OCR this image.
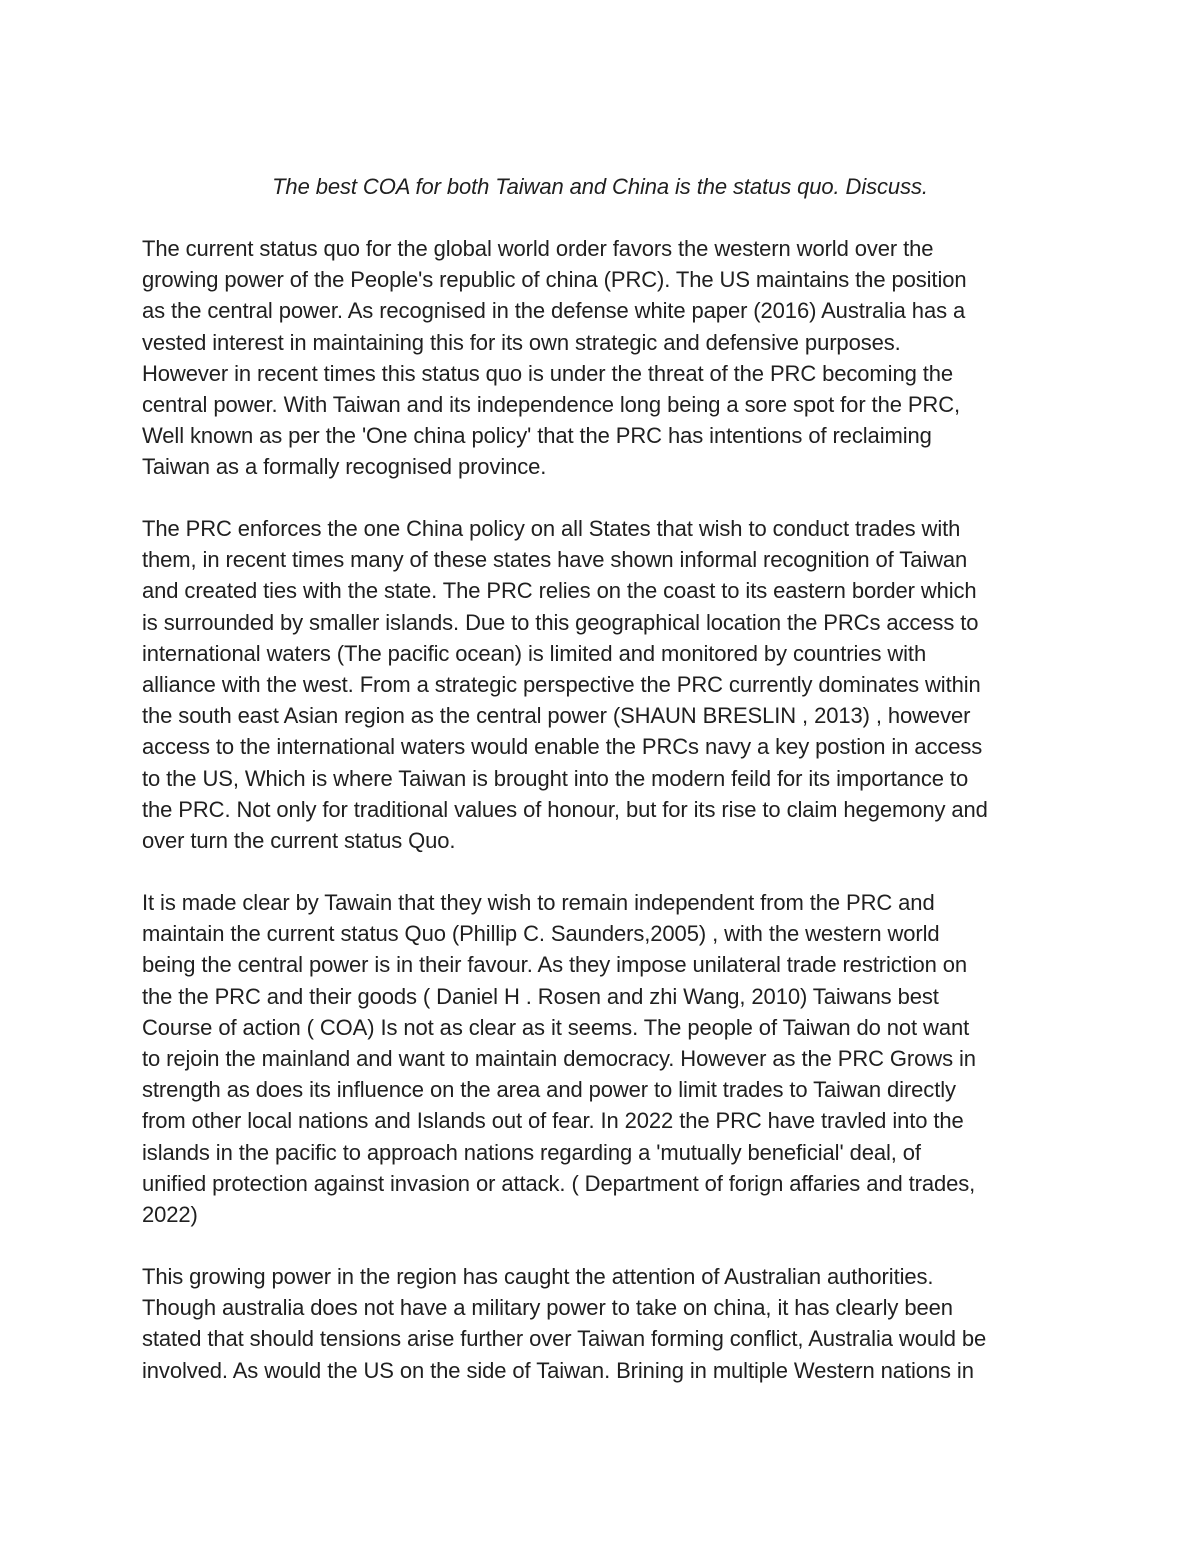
The best COA for both Taiwan and China is the status quo. Discuss.
The current status quo for the global world order favors the western world over the
growing power of the People's republic of china (PRC). The US maintains the position
as the central power. As recognised in the defense white paper (2016) Australia has a
vested interest in maintaining this for its own strategic and defensive purposes.
However in recent times this status quo is under the threat of the PRC becoming the
central power. With Taiwan and its independence long being a sore spot for the PRC,
Well known as per the 'One china policy' that the PRC has intentions of reclaiming
Taiwan as a formally recognised province.
The PRC enforces the one China policy on all States that wish to conduct trades with
them, in recent times many of these states have shown informal recognition of Taiwan
and created ties with the state. The PRC relies on the coast to its eastern border which
is surrounded by smaller islands. Due to this geographical location the PRCs access to
international waters (The pacific ocean) is limited and monitored by countries with
alliance with the west. From a strategic perspective the PRC currently dominates within
the south east Asian region as the central power (SHAUN BRESLIN , 2013) , however
access to the international waters would enable the PRCs navy a key postion in access
to the US, Which is where Taiwan is brought into the modern feild for its importance to
the PRC. Not only for traditional values of honour, but for its rise to claim hegemony and
over turn the current status Quo.
It is made clear by Tawain that they wish to remain independent from the PRC and
maintain the current status Quo (Phillip C. Saunders,2005) , with the western world
being the central power is in their favour. As they impose unilateral trade restriction on
the the PRC and their goods ( Daniel H . Rosen and zhi Wang, 2010) Taiwans best
Course of action ( COA) Is not as clear as it seems. The people of Taiwan do not want
to rejoin the mainland and want to maintain democracy. However as the PRC Grows in
strength as does its influence on the area and power to limit trades to Taiwan directly
from other local nations and Islands out of fear. In 2022 the PRC have travled into the
islands in the pacific to approach nations regarding a 'mutually beneficial' deal, of
unified protection against invasion or attack. ( Department of forign affaries and trades,
2022)
This growing power in the region has caught the attention of Australian authorities.
Though australia does not have a military power to take on china, it has clearly been
stated that should tensions arise further over Taiwan forming conflict, Australia would be
involved. As would the US on the side of Taiwan. Brining in multiple Western nations in
